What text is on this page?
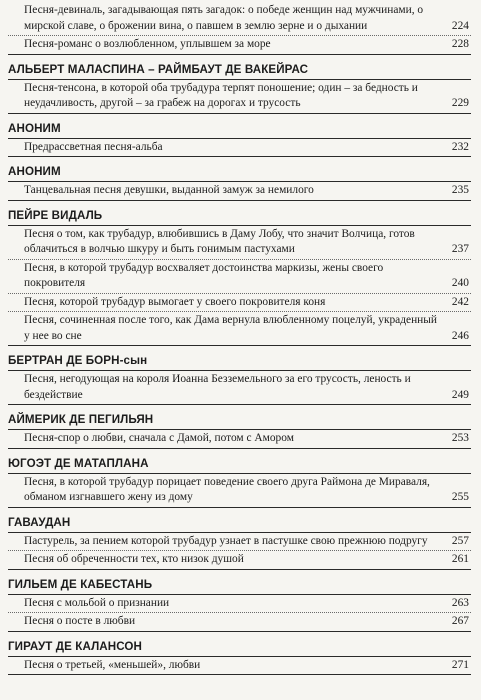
Песня-девиналь, загадывающая пять загадок: о победе женщин над мужчинами, о мирской славе, о брожении вина, о павшем в землю зерне и о дыхании	224
Песня-романс о возлюбленном, уплывшем за море	228
АЛЬБЕРТ МАЛАСПИНА – РАЙМБАУТ ДЕ ВАКЕЙРАС
Песня-тенсона, в которой оба трубадура терпят поношение; один – за бедность и неудачливость, другой – за грабеж на дорогах и трусость	229
АНОНИМ
Предрассветная песня-альба	232
АНОНИМ
Танцевальная песня девушки, выданной замуж за немилого	235
ПЕЙРЕ ВИДАЛЬ
Песня о том, как трубадур, влюбившись в Даму Лобу, что значит Волчица, готов облачиться в волчью шкуру и быть гонимым пастухами	237
Песня, в которой трубадур восхваляет достоинства маркизы, жены своего покровителя	240
Песня, которой трубадур вымогает у своего покровителя коня	242
Песня, сочиненная после того, как Дама вернула влюбленному поцелуй, украденный у нее во сне	246
БЕРТРАН ДЕ БОРН-сын
Песня, негодующая на короля Иоанна Безземельного за его трусость, леность и бездействие	249
АЙМЕРИК ДЕ ПЕГИЛЬЯН
Песня-спор о любви, сначала с Дамой, потом с Амором	253
ЮГОЭТ ДЕ МАТАПЛАНА
Песня, в которой трубадур порицает поведение своего друга Раймона де Мираваля, обманом изгнавшего жену из дому	255
ГАВАУДАН
Пастурель, за пением которой трубадур узнает в пастушке свою прежнюю подругу 257
Песня об обреченности тех, кто низок душой	261
ГИЛЬЕМ ДЕ КАБЕСТАНЬ
Песня с мольбой о признании	263
Песня о посте в любви	267
ГИРАУТ ДЕ КАЛАНСОН
Песня о третьей, «меньшей», любви	271
